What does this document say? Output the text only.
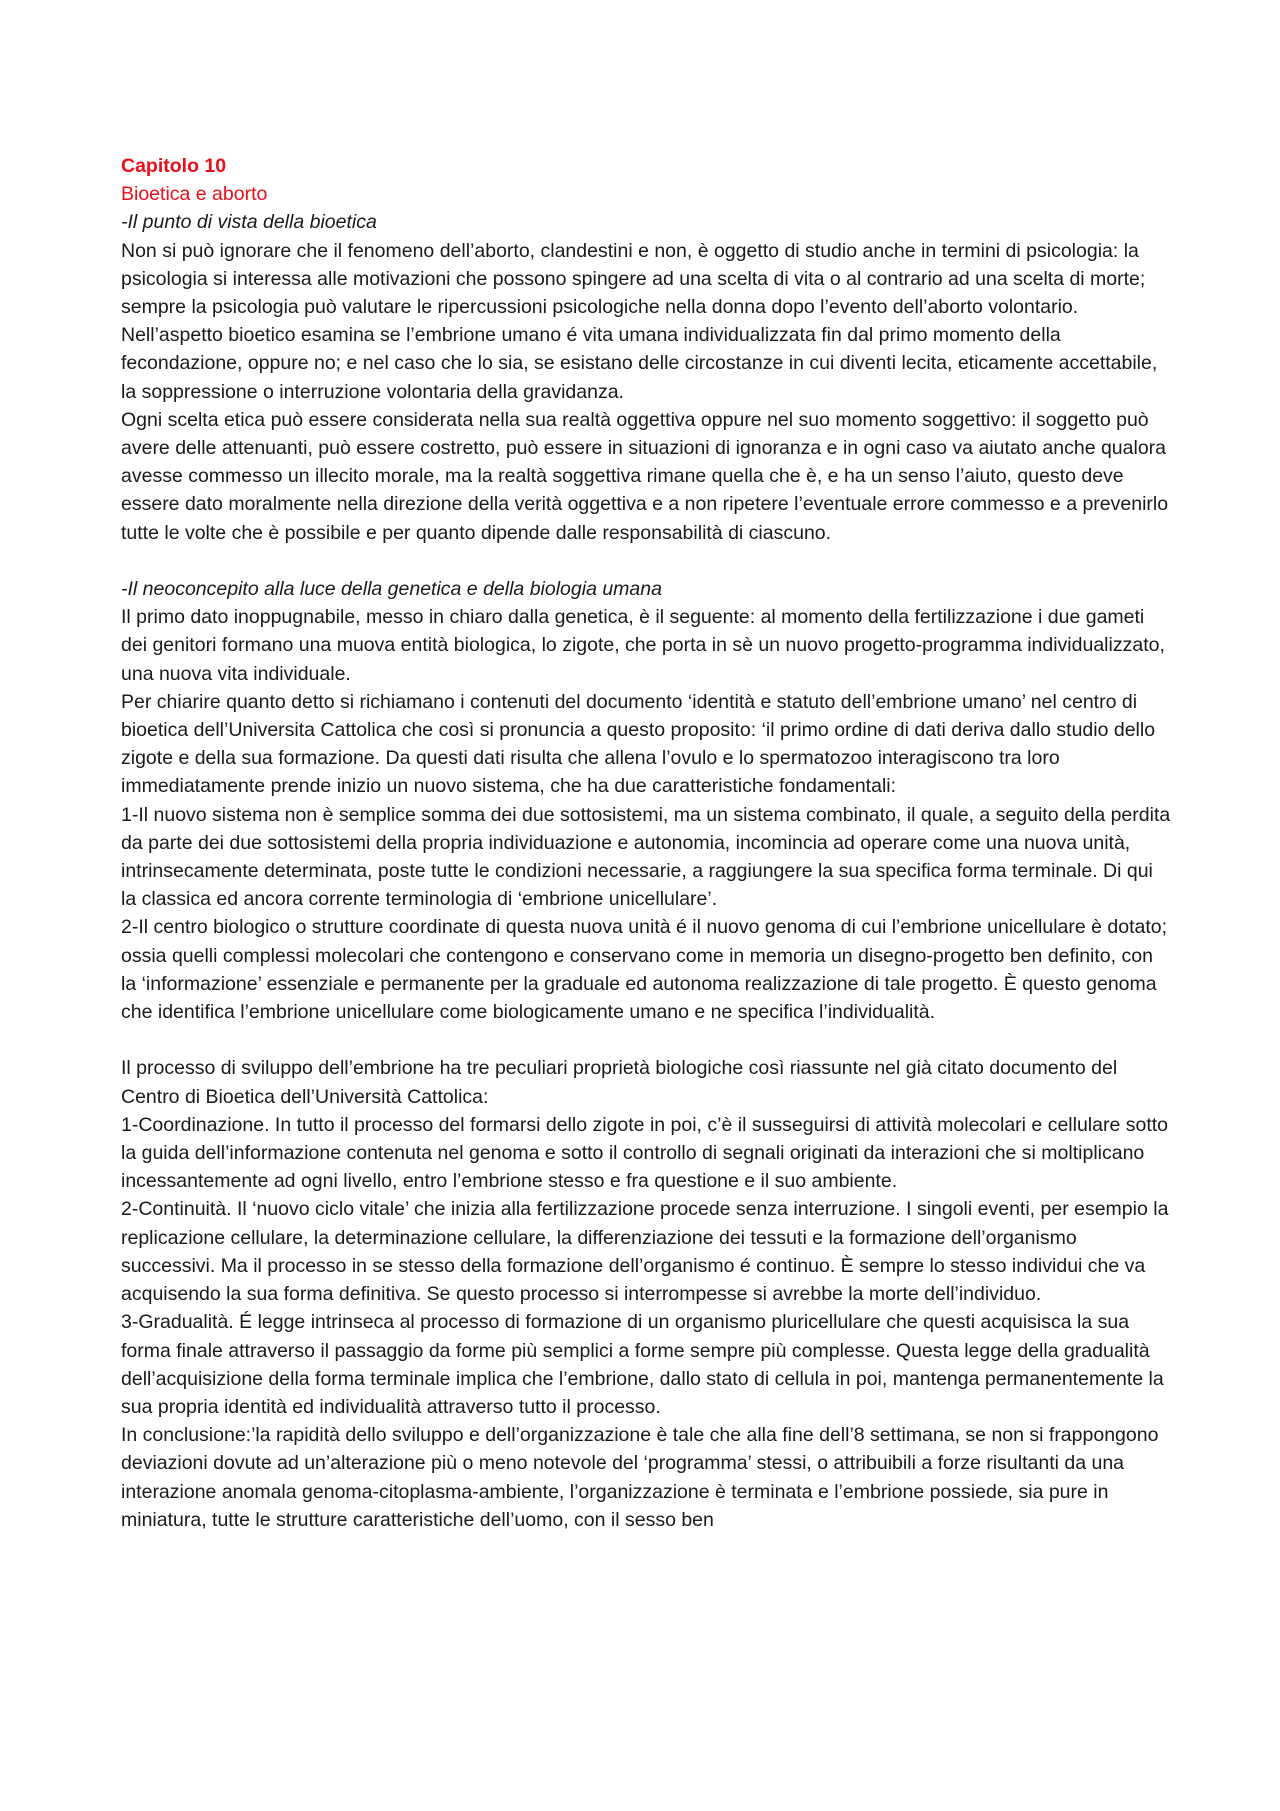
Capitolo 10

Bioetica e aborto

-Il punto di vista della bioetica

Non si può ignorare che il fenomeno dell’aborto, clandestini e non, è oggetto di studio anche in termini di psicologia: la psicologia si interessa alle motivazioni che possono spingere ad una scelta di vita o al contrario ad una scelta di morte; sempre la psicologia può valutare le ripercussioni psicologiche nella donna dopo l’evento dell’aborto volontario.

Nell’aspetto bioetico esamina se l’embrione umano é vita umana individualizzata fin dal primo momento della fecondazione, oppure no; e nel caso che lo sia, se esistano delle circostanze in cui diventi lecita, eticamente accettabile, la soppressione o interruzione volontaria della gravidanza.

Ogni scelta etica può essere considerata nella sua realtà oggettiva oppure nel suo momento soggettivo: il soggetto può avere delle attenuanti, può essere costretto, può essere in situazioni di ignoranza e in ogni caso va aiutato anche qualora avesse commesso un illecito morale, ma la realtà soggettiva rimane quella che è, e ha un senso l’aiuto, questo deve essere dato moralmente nella direzione della verità oggettiva e a non ripetere l’eventuale errore commesso e a prevenirlo tutte le volte che è possibile e per quanto dipende dalle responsabilità di ciascuno.

-Il neoconcepito alla luce della genetica e della biologia umana

Il primo dato inoppugnabile, messo in chiaro dalla genetica, è il seguente: al momento della fertilizzazione i due gameti dei genitori formano una muova entità biologica, lo zigote, che porta in sè un nuovo progetto-programma individualizzato, una nuova vita individuale.

Per chiarire quanto detto si richiamano i contenuti del documento ‘identità e statuto dell’embrione umano’ nel centro di bioetica dell’Universita Cattolica che così si pronuncia a questo proposito: ‘il primo ordine di dati deriva dallo studio dello zigote e della sua formazione. Da questi dati risulta che allena l’ovulo e lo spermatozoo interagiscono tra loro immediatamente prende inizio un nuovo sistema, che ha due caratteristiche fondamentali:

1-Il nuovo sistema non è semplice somma dei due sottosistemi, ma un sistema combinato, il quale, a seguito della perdita da parte dei due sottosistemi della propria individuazione e autonomia, incomincia ad operare come una nuova unità, intrinsecamente determinata, poste tutte le condizioni necessarie, a raggiungere la sua specifica forma terminale. Di qui la classica ed ancora corrente terminologia di ‘embrione unicellulare’.

2-Il centro biologico o strutture coordinate di questa nuova unità é il nuovo genoma di cui l’embrione unicellulare è dotato; ossia quelli complessi molecolari che contengono e conservano come in memoria un disegno-progetto ben definito, con la ‘informazione’ essenziale e permanente per la graduale ed autonoma realizzazione di tale progetto. È questo genoma che identifica l’embrione unicellulare come biologicamente umano e ne specifica l’individualità.

Il processo di sviluppo dell’embrione ha tre peculiari proprietà biologiche così riassunte nel già citato documento del Centro di Bioetica dell’Università Cattolica:

1-Coordinazione. In tutto il processo del formarsi dello zigote in poi, c’è il susseguirsi di attività molecolari e cellulare sotto la guida dell’informazione contenuta nel genoma e sotto il controllo di segnali originati da interazioni che si moltiplicano incessantemente ad ogni livello, entro l’embrione stesso e fra questione e il suo ambiente.

2-Continuità. Il ‘nuovo ciclo vitale’ che inizia alla fertilizzazione procede senza interruzione. I singoli eventi, per esempio la replicazione cellulare, la determinazione cellulare, la differenziazione dei tessuti e la formazione dell’organismo successivi. Ma il processo in se stesso della formazione dell’organismo é continuo. È sempre lo stesso individui che va acquisendo la sua forma definitiva. Se questo processo si interrompesse si avrebbe la morte dell’individuo.

3-Gradualità. É legge intrinseca al processo di formazione di un organismo pluricellulare che questi acquisisca la sua forma finale attraverso il passaggio da forme più semplici a forme sempre più complesse. Questa legge della gradualità dell’acquisizione della forma terminale implica che l’embrione, dallo stato di cellula in poi, mantenga permanentemente la sua propria identità ed individualità attraverso tutto il processo.

In conclusione:’la rapidità dello sviluppo e dell’organizzazione è tale che alla fine dell’8 settimana, se non si frappongono deviazioni dovute ad un’alterazione più o meno notevole del ‘programma’ stessi, o attribuibili a forze risultanti da una interazione anomala genoma-citoplasma-ambiente, l’organizzazione è terminata e l’embrione possiede, sia pure in miniatura, tutte le strutture caratteristiche dell’uomo, con il sesso ben
